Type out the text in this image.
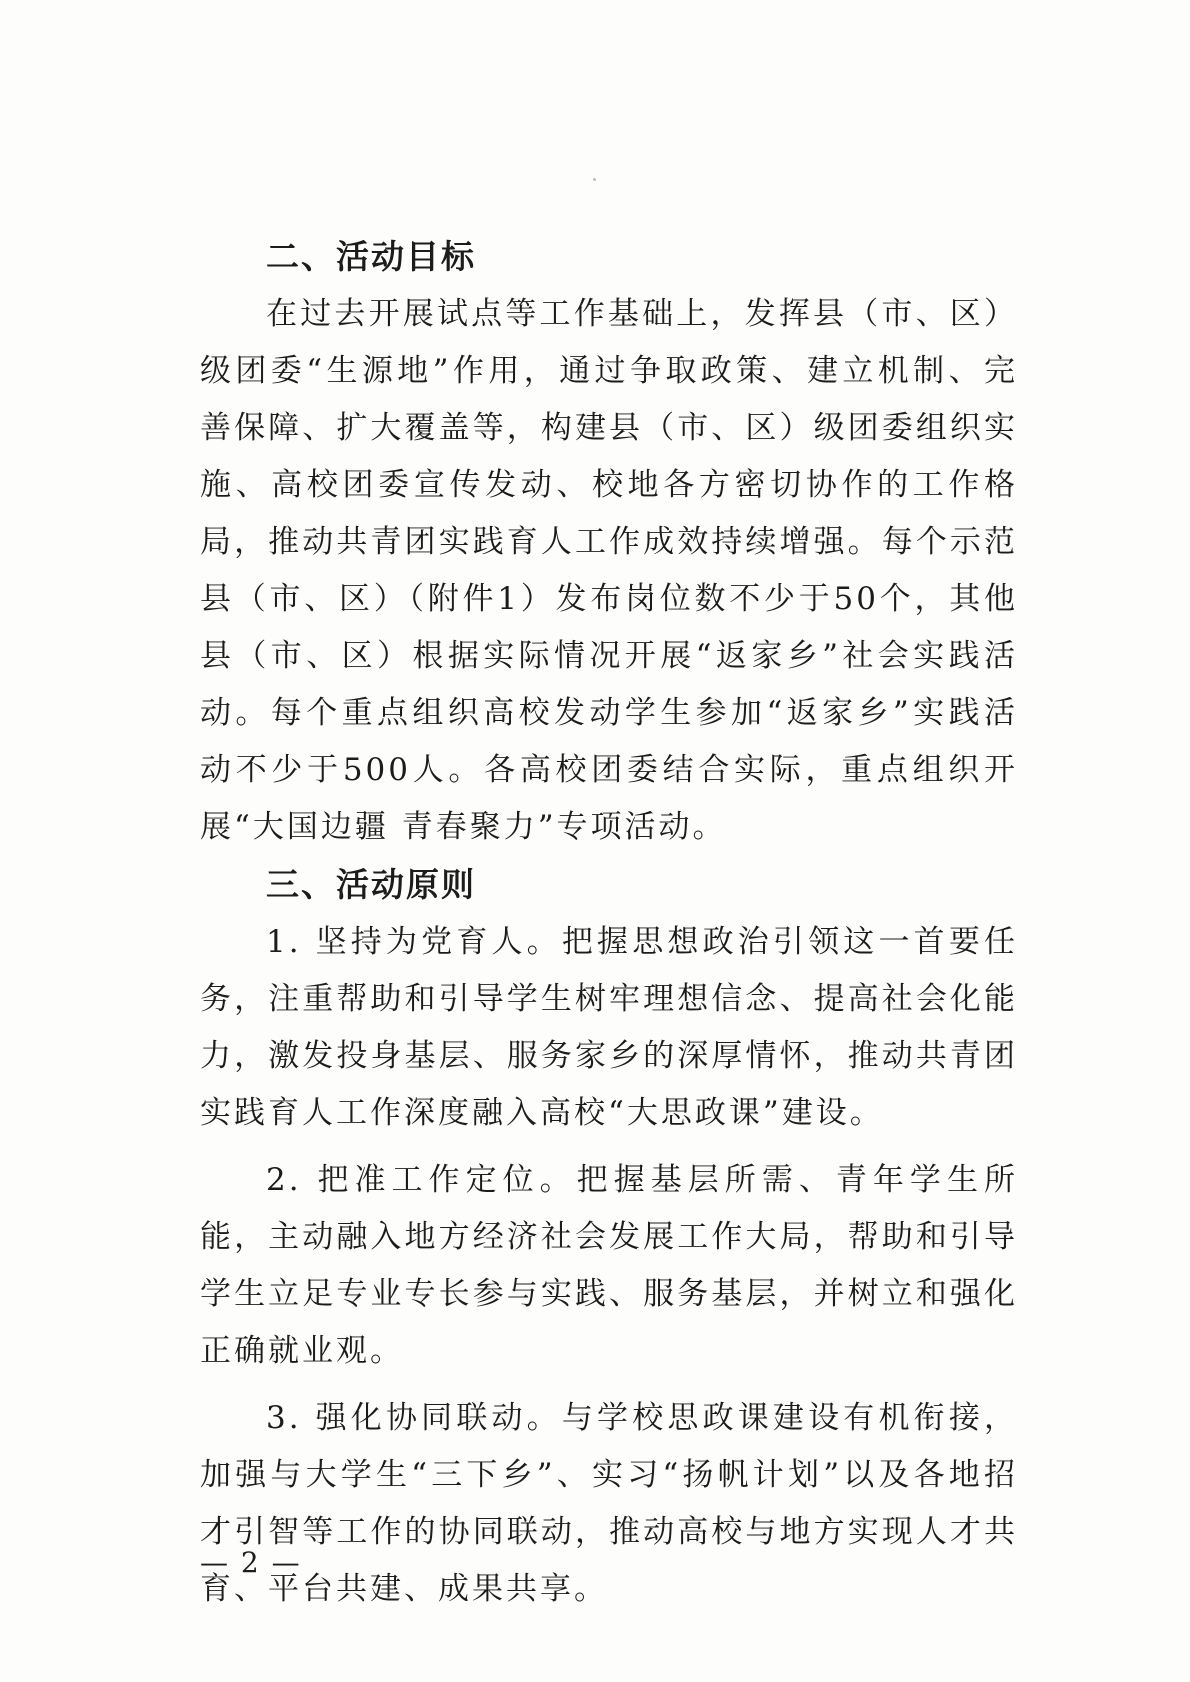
二、活动目标

在过去开展试点等工作基础上，发挥县（市、区）级团委“生源地”作用，通过争取政策、建立机制、完善保障、扩大覆盖等，构建县（市、区）级团委组织实施、高校团委宣传发动、校地各方密切协作的工作格局，推动共青团实践育人工作成效持续增强。每个示范县（市、区）（附件1）发布岗位数不少于50个，其他县（市、区）根据实际情况开展“返家乡”社会实践活动。每个重点组织高校发动学生参加“返家乡”实践活动不少于500人。各高校团委结合实际，重点组织开展“大国边疆 青春聚力”专项活动。

三、活动原则

1. 坚持为党育人。把握思想政治引领这一首要任务，注重帮助和引导学生树牢理想信念、提高社会化能力，激发投身基层、服务家乡的深厚情怀，推动共青团实践育人工作深度融入高校“大思政课”建设。

2. 把准工作定位。把握基层所需、青年学生所能，主动融入地方经济社会发展工作大局，帮助和引导学生立足专业专长参与实践、服务基层，并树立和强化正确就业观。

3. 强化协同联动。与学校思政课建设有机衔接，加强与大学生“三下乡”、实习“扬帆计划”以及各地招才引智等工作的协同联动，推动高校与地方实现人才共育、平台共建、成果共享。

— 2 —
